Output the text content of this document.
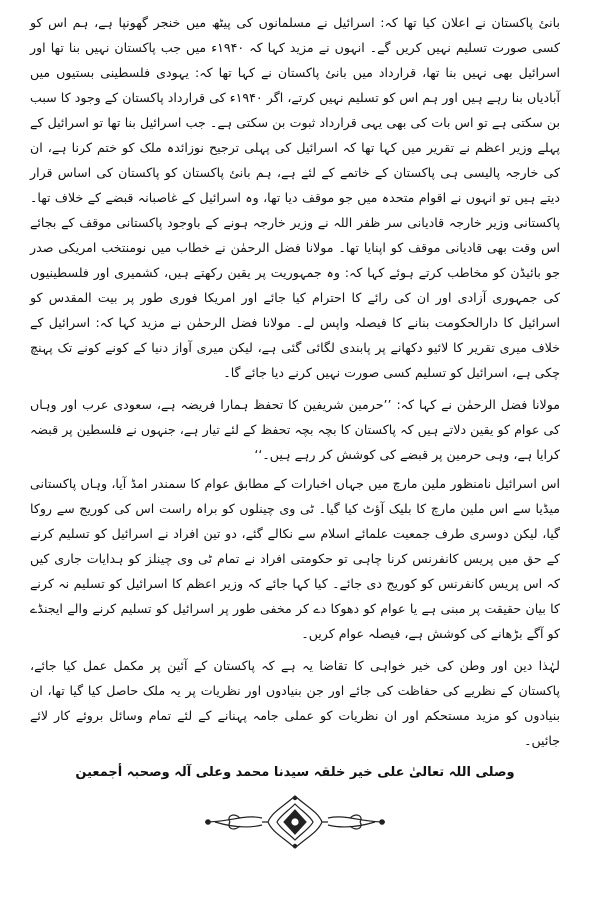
بانئ پاکستان نے اعلان کیا تھا کہ: اسرائیل نے مسلمانوں کی پیٹھ میں خنجر گھونپا ہے، ہم اس کو کسی صورت تسلیم نہیں کریں گے۔ انہوں نے مزید کہا کہ ۱۹۴۰ء میں جب پاکستان نہیں بنا تھا اور اسرائیل بھی نہیں بنا تھا، قرارداد میں بانئ پاکستان نے کہا تھا کہ: یہودی فلسطینی بستیوں میں آبادیاں بنا رہے ہیں اور ہم اس کو تسلیم نہیں کرتے، اگر ۱۹۴۰ء کی قرارداد پاکستان کے وجود کا سبب بن سکتی ہے تو اس بات کی بھی یہی قرارداد ثبوت بن سکتی ہے۔ جب اسرائیل بنا تھا تو اسرائیل کے پہلے وزیر اعظم نے تقریر میں کہا تھا کہ اسرائیل کی پہلی ترجیح نوزائدہ ملک کو ختم کرنا ہے، ان کی خارجہ پالیسی ہی پاکستان کے خاتمے کے لئے ہے، ہم بانئ پاکستان کو پاکستان کی اساس قرار دیتے ہیں تو انہوں نے اقوام متحدہ میں جو موقف دیا تھا، وہ اسرائیل کے غاصبانہ قبضے کے خلاف تھا۔ پاکستانی وزیر خارجہ قادیانی سر ظفر اللہ نے وزیر خارجہ ہونے کے باوجود پاکستانی موقف کے بجائے اس وقت بھی قادیانی موقف کو اپنایا تھا۔ مولانا فضل الرحمٰن نے خطاب میں نومنتخب امریکی صدر جو بائیڈن کو مخاطب کرتے ہوئے کہا کہ: وہ جمہوریت پر یقین رکھتے ہیں، کشمیری اور فلسطینیوں کی جمہوری آزادی اور ان کی رائے کا احترام کیا جائے اور امریکا فوری طور پر بیت المقدس کو اسرائیل کا دارالحکومت بنانے کا فیصلہ واپس لے۔ مولانا فضل الرحمٰن نے مزید کہا کہ: اسرائیل کے خلاف میری تقریر کا لائیو دکھانے پر پابندی لگائی گئی ہے، لیکن میری آواز دنیا کے کونے کونے تک پہنچ چکی ہے، اسرائیل کو تسلیم کسی صورت نہیں کرنے دیا جائے گا۔

مولانا فضل الرحمٰن نے کہا کہ: ’’حرمین شریفین کا تحفظ ہمارا فریضہ ہے، سعودی عرب اور وہاں کی عوام کو یقین دلاتے ہیں کہ پاکستان کا بچہ بچہ تحفظ کے لئے تیار ہے، جنہوں نے فلسطین پر قبضہ کرایا ہے، وہی حرمین پر قبضے کی کوشش کر رہے ہیں۔‘‘

اس اسرائیل نامنظور ملین مارچ میں جہاں اخبارات کے مطابق عوام کا سمندر امڈ آیا، وہاں پاکستانی میڈیا سے اس ملین مارچ کا بلیک آؤٹ کیا گیا۔ ٹی وی چینلوں کو براہ راست اس کی کوریج سے روکا گیا، لیکن دوسری طرف جمعیت علمائے اسلام سے نکالے گئے، دو تین افراد نے اسرائیل کو تسلیم کرنے کے حق میں پریس کانفرنس کرنا چاہی تو حکومتی افراد نے تمام ٹی وی چینلز کو ہدایات جاری کیں کہ اس پریس کانفرنس کو کوریج دی جائے۔ کیا کہا جائے کہ وزیر اعظم کا اسرائیل کو تسلیم نہ کرنے کا بیان حقیقت پر مبنی ہے یا عوام کو دھوکا دے کر مخفی طور پر اسرائیل کو تسلیم کرنے والے ایجنڈے کو آگے بڑھانے کی کوشش ہے، فیصلہ عوام کریں۔

لہٰذا دین اور وطن کی خیر خواہی کا تقاضا یہ ہے کہ پاکستان کے آئین پر مکمل عمل کیا جائے، پاکستان کے نظریے کی حفاظت کی جائے اور جن بنیادوں اور نظریات پر یہ ملک حاصل کیا گیا تھا، ان بنیادوں کو مزید مستحکم اور ان نظریات کو عملی جامہ پہنانے کے لئے تمام وسائل بروئے کار لائے جائیں۔

وصلی اللہ تعالیٰ علی خیر خلقہ سیدنا محمد وعلی آلہ وصحبہ أجمعین
